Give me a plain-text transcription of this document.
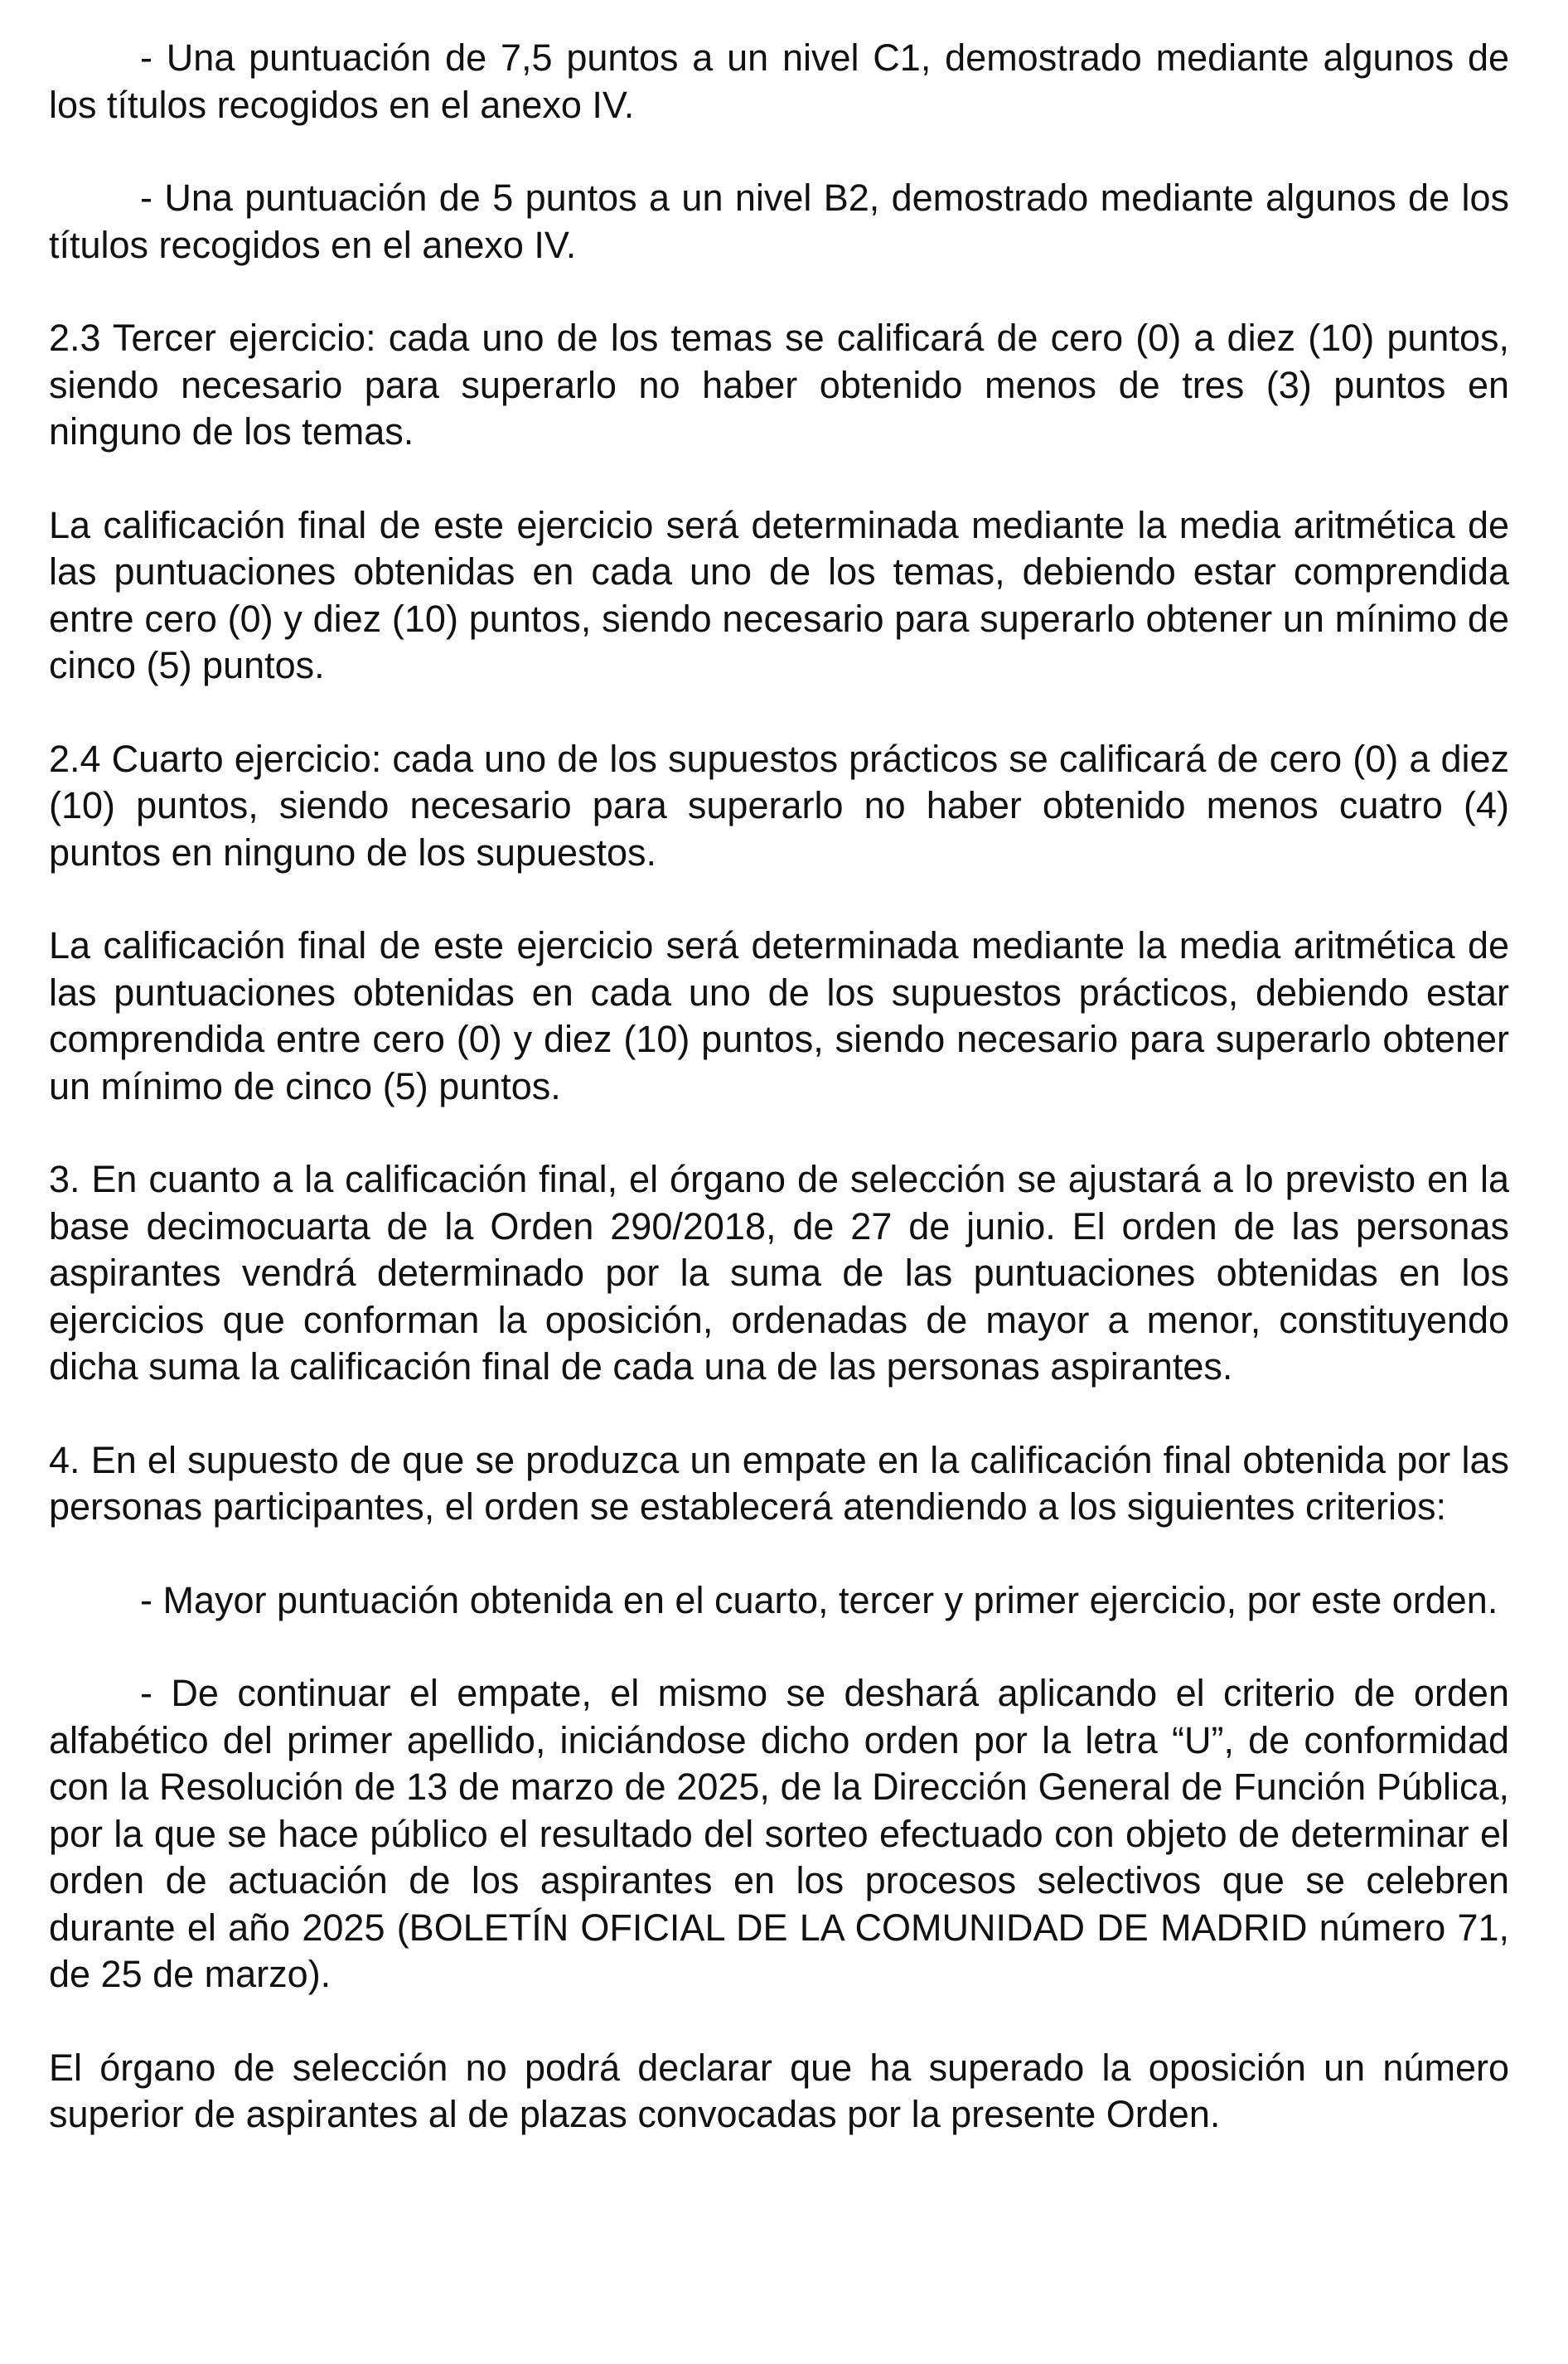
- Una puntuación de 7,5 puntos a un nivel C1, demostrado mediante algunos de los títulos recogidos en el anexo IV.

- Una puntuación de 5 puntos a un nivel B2, demostrado mediante algunos de los títulos recogidos en el anexo IV.

2.3 Tercer ejercicio: cada uno de los temas se calificará de cero (0) a diez (10) puntos, siendo necesario para superarlo no haber obtenido menos de tres (3) puntos en ninguno de los temas.

La calificación final de este ejercicio será determinada mediante la media aritmética de las puntuaciones obtenidas en cada uno de los temas, debiendo estar comprendida entre cero (0) y diez (10) puntos, siendo necesario para superarlo obtener un mínimo de cinco (5) puntos.

2.4 Cuarto ejercicio: cada uno de los supuestos prácticos se calificará de cero (0) a diez (10) puntos, siendo necesario para superarlo no haber obtenido menos cuatro (4) puntos en ninguno de los supuestos.

La calificación final de este ejercicio será determinada mediante la media aritmética de las puntuaciones obtenidas en cada uno de los supuestos prácticos, debiendo estar comprendida entre cero (0) y diez (10) puntos, siendo necesario para superarlo obtener un mínimo de cinco (5) puntos.

3. En cuanto a la calificación final, el órgano de selección se ajustará a lo previsto en la base decimocuarta de la Orden 290/2018, de 27 de junio. El orden de las personas aspirantes vendrá determinado por la suma de las puntuaciones obtenidas en los ejercicios que conforman la oposición, ordenadas de mayor a menor, constituyendo dicha suma la calificación final de cada una de las personas aspirantes.

4. En el supuesto de que se produzca un empate en la calificación final obtenida por las personas participantes, el orden se establecerá atendiendo a los siguientes criterios:

- Mayor puntuación obtenida en el cuarto, tercer y primer ejercicio, por este orden.

- De continuar el empate, el mismo se deshará aplicando el criterio de orden alfabético del primer apellido, iniciándose dicho orden por la letra “U”, de conformidad con la Resolución de 13 de marzo de 2025, de la Dirección General de Función Pública, por la que se hace público el resultado del sorteo efectuado con objeto de determinar el orden de actuación de los aspirantes en los procesos selectivos que se celebren durante el año 2025 (BOLETÍN OFICIAL DE LA COMUNIDAD DE MADRID número 71, de 25 de marzo).

El órgano de selección no podrá declarar que ha superado la oposición un número superior de aspirantes al de plazas convocadas por la presente Orden.
